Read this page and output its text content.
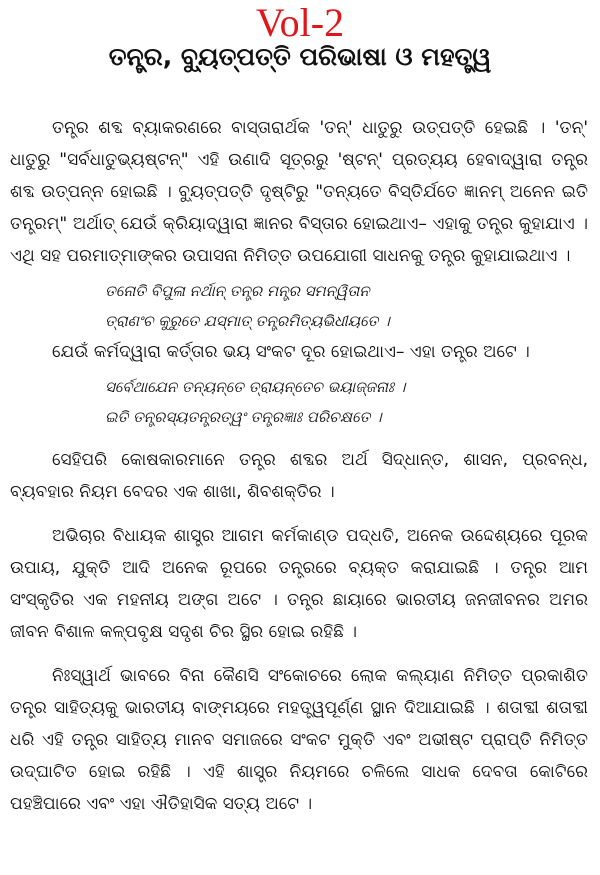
Vol-2
ତନ୍ତ୍ର, ବ୍ୟୁତ୍ପତ୍ତି ପରିଭାଷା ଓ ମହତ୍ତ୍ୱ

ତନ୍ତ୍ର ଶବ୍ଦ ବ୍ୟାକରଣରେ ବାସ୍ତାରାର୍ଥକ 'ତନ୍' ଧାତୁରୁ ଉତ୍ପତ୍ତି ହେଇଛି । 'ତନ୍' ଧାତୁରୁ "ସର୍ବଧାତୁଭ୍ୟଷ୍ଟନ୍" ଏହି ଉଣାଦି ସୂତ୍ରରୁ 'ଷ୍ଟନ୍' ପ୍ରତ୍ୟୟ ହେବାଦ୍ୱାରା ତନ୍ତ୍ର ଶବ୍ଦ ଉତ୍ପନ୍ନ ହୋଇଛି । ବ୍ୟୁତ୍ପତ୍ତି ଦୃଷ୍ଟିରୁ "ତନ୍ୟତେ ବିସ୍ତିର୍ଯତେ ଜ୍ଞାନମ୍ ଅନେନ ଇତି ତନ୍ତ୍ରମ୍" ଅର୍ଥାତ୍ ଯେଉଁ କ୍ରିୟାଦ୍ୱାରା ଜ୍ଞାନର ବିସ୍ତାର ହୋଇଥାଏ– ଏହାକୁ ତନ୍ତ୍ର କୁହାଯାଏ । ଏଥି ସହ ପରମାତ୍ମାଙ୍କର ଉପାସନା ନିମିତ୍ତ ଉପଯୋଗୀ ସାଧନକୁ ତନ୍ତ୍ର କୁହାଯାଇଥାଏ ।

ତନୋତି ବିପୁଳା ନର୍ଥାନ୍ ତନ୍ତ୍ର ମନ୍ତ୍ର ସମନ୍ୱିତାନ

ତ୍ରାଣଂଚ କୁରୁତେ ଯସ୍ମାତ୍ ତନ୍ତ୍ରମିତ୍ୟଭିଧୀୟତେ ।

ଯେଉଁ କର୍ମଦ୍ୱାରା କର୍ତ୍ତାର ଭୟ ସଂକଟ ଦୂର ହୋଇଥାଏ– ଏହା ତନ୍ତ୍ର ଅଟେ ।

ସର୍ବେଥାଯେନ ତନ୍ୟନ୍ତେ ତ୍ରାୟନ୍ତେଚ ଭୟାଜ୍ଜନାଃ ।

ଇତି ତନ୍ତ୍ରସ୍ୟତନ୍ତ୍ରତ୍ୱଂ ତନ୍ତ୍ରଜ୍ଞାଃ ପରିଚକ୍ଷତେ ।

ସେହିପରି କୋଷକାରମାନେ ତନ୍ତ୍ର ଶବ୍ଦର ଅର୍ଥ ସିଦ୍ଧାନ୍ତ, ଶାସନ, ପ୍ରବନ୍ଧ, ବ୍ୟବହାର ନିୟମ ବେଦର ଏକ ଶାଖା, ଶିବଶକ୍ତିର ।

ଅଭିଚାର ବିଧାୟକ ଶାସ୍ତ୍ର ଆଗମ କର୍ମକାଣ୍ଡ ପଦ୍ଧତି, ଅନେକ ଉଦ୍ଦେଶ୍ୟରେ ପୂରକ ଉପାୟ, ଯୁକ୍ତି ଆଦି ଅନେକ ରୂପରେ ତନ୍ତ୍ରରେ ବ୍ୟକ୍ତ କରାଯାଇଛି । ତନ୍ତ୍ର ଆମ ସଂସ୍କୃତିର ଏକ ମହନୀୟ ଅଙ୍ଗ ଅଟେ । ତନ୍ତ୍ର ଛାୟାରେ ଭାରତୀୟ ଜନଜୀବନର ଅମର ଜୀବନ ବିଶାଳ କଳ୍ପବୃକ୍ଷ ସଦୃଶ ଚିର ସ୍ଥିର ହୋଇ ରହିଛି ।

ନିଃସ୍ୱାର୍ଥ ଭାବରେ ବିନା କୈଣସି ସଂକୋଚରେ ଲୋକ କଲ୍ୟାଣ ନିମିତ୍ତ ପ୍ରକାଶିତ ତନ୍ତ୍ର ସାହିତ୍ୟକୁ ଭାରତୀୟ ବାଙ୍ମୟରେ ମହତ୍ତ୍ୱପୂର୍ଣ୍ଣ ସ୍ଥାନ ଦିଆଯାଇଛି । ଶତାବ୍ଦୀ ଶତାବ୍ଦୀ ଧରି ଏହି ତନ୍ତ୍ର ସାହିତ୍ୟ ମାନବ ସମାଜରେ ସଂକଟ ମୁକ୍ତି ଏବଂ ଅଭୀଷ୍ଟ ପ୍ରାପ୍ତି ନିମିତ୍ତ ଉଦ୍‌ଘାଟିତ ହୋଇ ରହିଛି । ଏହି ଶାସ୍ତ୍ର ନିୟମରେ ଚଳିଲେ ସାଧକ ଦେବତା କୋଟିରେ ପହଞ୍ଚିପାରେ ଏବଂ ଏହା ଐତିହାସିକ ସତ୍ୟ ଅଟେ ।
